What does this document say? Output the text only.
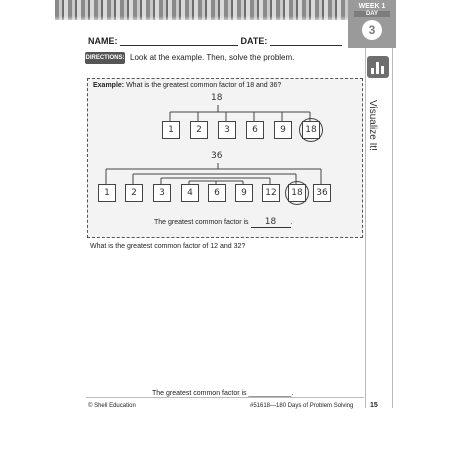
WEEK 1
DAY
3
Visualize It!
NAME:	DATE:
DIRECTIONS: Look at the example. Then, solve the problem.
Example: What is the greatest common factor of 18 and 36?
18
1	2	3	6	9	18
36
1	2	3	4	6	9	12	18	36
The greatest common factor is 18 .
What is the greatest common factor of 12 and 32?
The greatest common factor is ___________.
© Shell Education	#51618—180 Days of Problem Solving 15
